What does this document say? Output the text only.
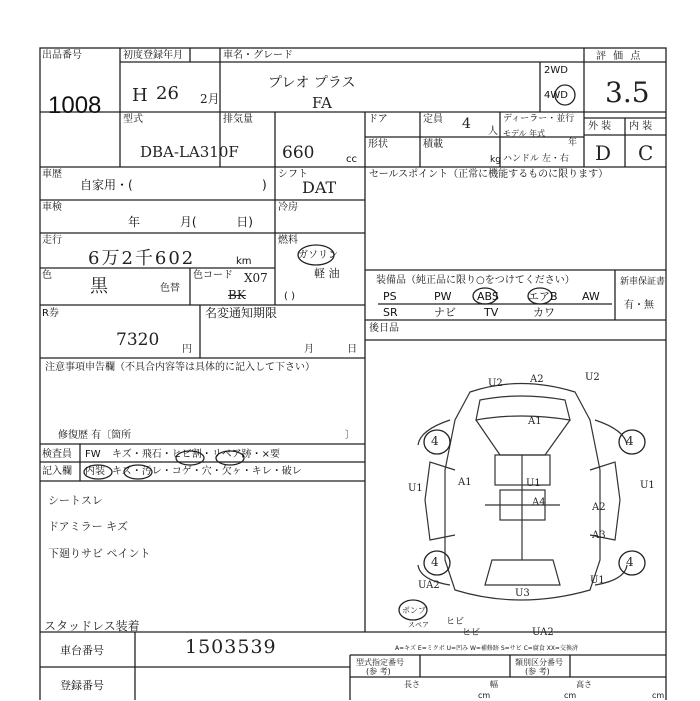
出品番号
1008
初度登録年月
H 26 2月
車名・グレード
プレオ プラス
FA
2WD
4WD
評 価 点
3.5
型式
DBA-LA310F
排気量
660	cc
ドア	定員 4 人
ディーラー・並行
モデル 年式
年
形状	積載
kg ハンドル 左・右
外 装 内 装
D C
車歴
自家用・(	)
シフト
DAT
セールスポイント（正常に機能するものに限ります）
車検
年 月( 日)
冷房
走行
6万2千602	km
燃料
ガソリン
軽 油
( )
色
黒	色替
色コード X07
BK
装備品（純正品に限り○をつけてください）	新車保証書
有・無
PS	PW ABS	エアB AW
SR	ナビ	TV	カワ
R券
7320 円
名変通知期限
月 日
後日品
注意事項申告欄（不具合内容等は具体的に記入して下さい）
修復歴 有〔箇所	〕
検査員
記入欄
FW キズ・飛石・ヒビ割・リペア跡・×要
内装 キズ・汚レ・コゲ・穴・欠ヶ・キレ・破レ
シートスレ
ドアミラー キズ
下廻りサビ ペイント
スタッドレス装着
A2	U2
A1
U2
4	4
4	4
U1	U1
A1	U1
A4	A2
A3
U1
UA2
U3
UA2
ポンプ
スペア ヒビ
ヒビ
車台番号	1503539
登録番号
A=キズ E=ミクボ U=凹み W=補修跡 S=サビ C=腐食 XX=交換済
型式指定番号
(参 考)
類別区分番号
(参 考)
長さ	幅	高さ
cm	cm	cm
